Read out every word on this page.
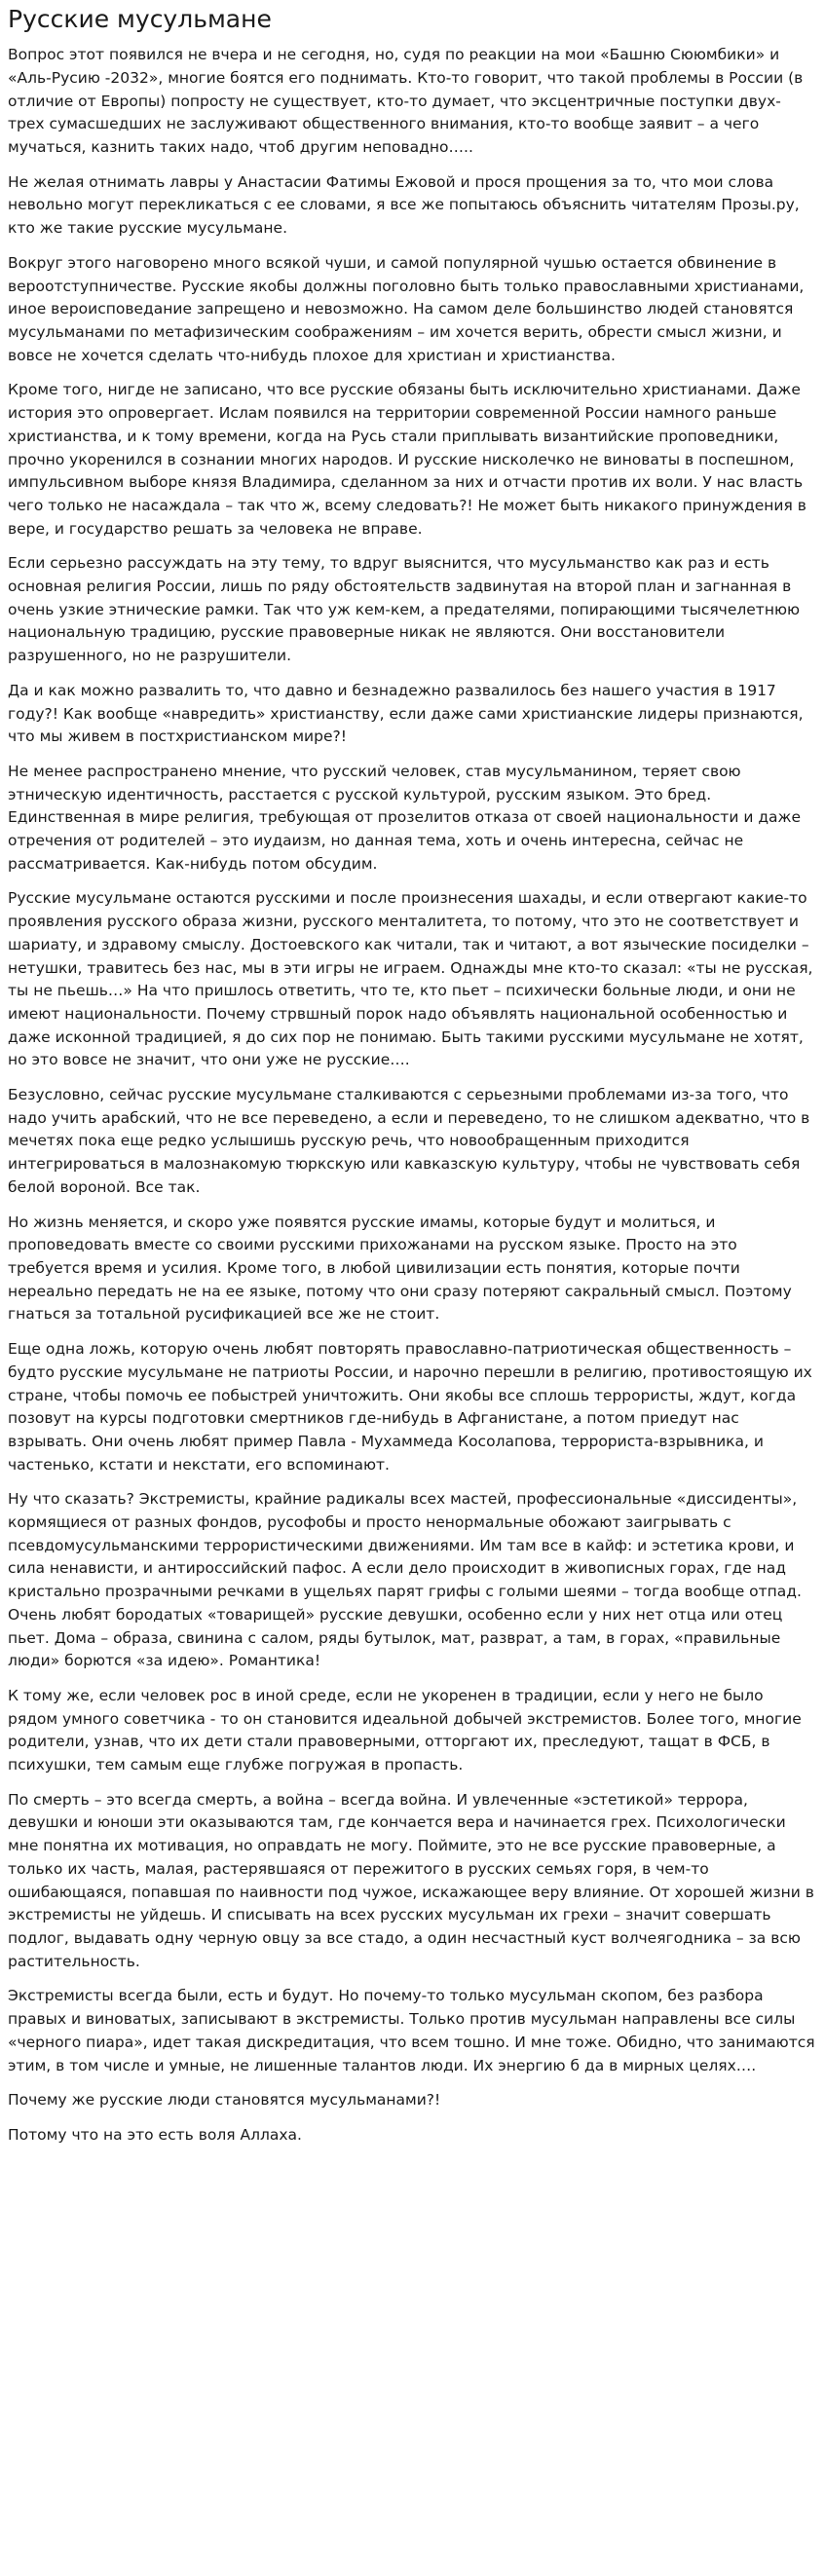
Русские мусульмане

Вопрос этот появился не вчера и не сегодня, но, судя по реакции на мои «Башню Сююмбики» и «Аль-Русию -2032», многие боятся его поднимать. Кто-то говорит, что такой проблемы в России (в отличие от Европы) попросту не существует, кто-то думает, что эксцентричные поступки двух-трех сумасшедших не заслуживают общественного внимания, кто-то вообще заявит – а чего мучаться, казнить таких надо, чтоб другим неповадно…..

Не желая отнимать лавры у Анастасии Фатимы Ежовой и прося прощения за то, что мои слова невольно могут перекликаться с ее словами, я все же попытаюсь объяснить читателям Прозы.ру, кто же такие русские мусульмане.

Вокруг этого наговорено много всякой чуши, и самой популярной чушью остается обвинение в вероотступничестве. Русские якобы должны поголовно быть только православными христианами, иное вероисповедание запрещено и невозможно. На самом деле большинство людей становятся мусульманами по метафизическим соображениям – им хочется верить, обрести смысл жизни, и вовсе не хочется сделать что-нибудь плохое для христиан и христианства.

Кроме того, нигде не записано, что все русские обязаны быть исключительно христианами. Даже история это опровергает. Ислам появился на территории современной России намного раньше христианства, и к тому времени, когда на Русь стали приплывать византийские проповедники, прочно укоренился в сознании многих народов. И русские нисколечко не виноваты в поспешном, импульсивном выборе князя Владимира, сделанном за них и отчасти против их воли. У нас власть чего только не насаждала – так что ж, всему следовать?! Не может быть никакого принуждения в вере, и государство решать за человека не вправе.

Если серьезно рассуждать на эту тему, то вдруг выяснится, что мусульманство как раз и есть основная религия России, лишь по ряду обстоятельств задвинутая на второй план и загнанная в очень узкие этнические рамки. Так что уж кем-кем, а предателями, попирающими тысячелетнюю национальную традицию, русские правоверные никак не являются. Они восстановители разрушенного, но не разрушители.

Да и как можно развалить то, что давно и безнадежно развалилось без нашего участия в 1917 году?! Как вообще «навредить» христианству, если даже сами христианские лидеры признаются, что мы живем в постхристианском мире?!

Не менее распространено мнение, что русский человек, став мусульманином, теряет свою этническую идентичность, расстается с русской культурой, русским языком. Это бред. Единственная в мире религия, требующая от прозелитов отказа от своей национальности и даже отречения от родителей – это иудаизм, но данная тема, хоть и очень интересна, сейчас не рассматривается. Как-нибудь потом обсудим.

Русские мусульмане остаются русскими и после произнесения шахады, и если отвергают какие-то проявления русского образа жизни, русского менталитета, то потому, что это не соответствует и шариату, и здравому смыслу. Достоевского как читали, так и читают, а вот языческие посиделки – нетушки, травитесь без нас, мы в эти игры не играем. Однажды мне кто-то сказал: «ты не русская, ты не пьешь…» На что пришлось ответить, что те, кто пьет – психически больные люди, и они не имеют национальности. Почему стрвшный порок надо объявлять национальной особенностью и даже исконной традицией, я до сих пор не понимаю. Быть такими русскими мусульмане не хотят, но это вовсе не значит, что они уже не русские….

Безусловно, сейчас русские мусульмане сталкиваются с серьезными проблемами из-за того, что надо учить арабский, что не все переведено, а если и переведено, то не слишком адекватно, что в мечетях пока еще редко услышишь русскую речь, что новообращенным приходится интегрироваться в малознакомую тюркскую или кавказскую культуру, чтобы не чувствовать себя белой вороной. Все так.

Но жизнь меняется, и скоро уже появятся русские имамы, которые будут и молиться, и проповедовать вместе со своими русскими прихожанами на русском языке. Просто на это требуется время и усилия. Кроме того, в любой цивилизации есть понятия, которые почти нереально передать не на ее языке, потому что они сразу потеряют сакральный смысл. Поэтому гнаться за тотальной русификацией все же не стоит.

Еще одна ложь, которую очень любят повторять православно-патриотическая общественность – будто русские мусульмане не патриоты России, и нарочно перешли в религию, противостоящую их стране, чтобы помочь ее побыстрей уничтожить. Они якобы все сплошь террористы, ждут, когда позовут на курсы подготовки смертников где-нибудь в Афганистане, а потом приедут нас взрывать. Они очень любят пример Павла - Мухаммеда Косолапова, террориста-взрывника, и частенько, кстати и некстати, его вспоминают.

Ну что сказать? Экстремисты, крайние радикалы всех мастей, профессиональные «диссиденты», кормящиеся от разных фондов, русофобы и просто ненормальные обожают заигрывать с псевдомусульманскими террористическими движениями. Им там все в кайф: и эстетика крови, и сила ненависти, и антироссийский пафос. А если дело происходит в живописных горах, где над кристально прозрачными речками в ущельях парят грифы с голыми шеями – тогда вообще отпад. Очень любят бородатых «товарищей» русские девушки, особенно если у них нет отца или отец пьет. Дома – образа, свинина с салом, ряды бутылок, мат, разврат, а там, в горах, «правильные люди» борются «за идею». Романтика!

К тому же, если человек рос в иной среде, если не укоренен в традиции, если у него не было рядом умного советчика - то он становится идеальной добычей экстремистов. Более того, многие родители, узнав, что их дети стали правоверными, отторгают их, преследуют, тащат в ФСБ, в психушки, тем самым еще глубже погружая в пропасть.

По смерть – это всегда смерть, а война – всегда война. И увлеченные «эстетикой» террора, девушки и юноши эти оказываются там, где кончается вера и начинается грех. Психологически мне понятна их мотивация, но оправдать не могу. Поймите, это не все русские правоверные, а только их часть, малая, растерявшаяся от пережитого в русских семьях горя, в чем-то ошибающаяся, попавшая по наивности под чужое, искажающее веру влияние. От хорошей жизни в экстремисты не уйдешь. И списывать на всех русских мусульман их грехи – значит совершать подлог, выдавать одну черную овцу за все стадо, а один несчастный куст волчеягодника – за всю растительность.

Экстремисты всегда были, есть и будут. Но почему-то только мусульман скопом, без разбора правых и виноватых, записывают в экстремисты. Только против мусульман направлены все силы «черного пиара», идет такая дискредитация, что всем тошно. И мне тоже. Обидно, что занимаются этим, в том числе и умные, не лишенные талантов люди. Их энергию б да в мирных целях….

Почему же русские люди становятся мусульманами?!

Потому что на это есть воля Аллаха.
